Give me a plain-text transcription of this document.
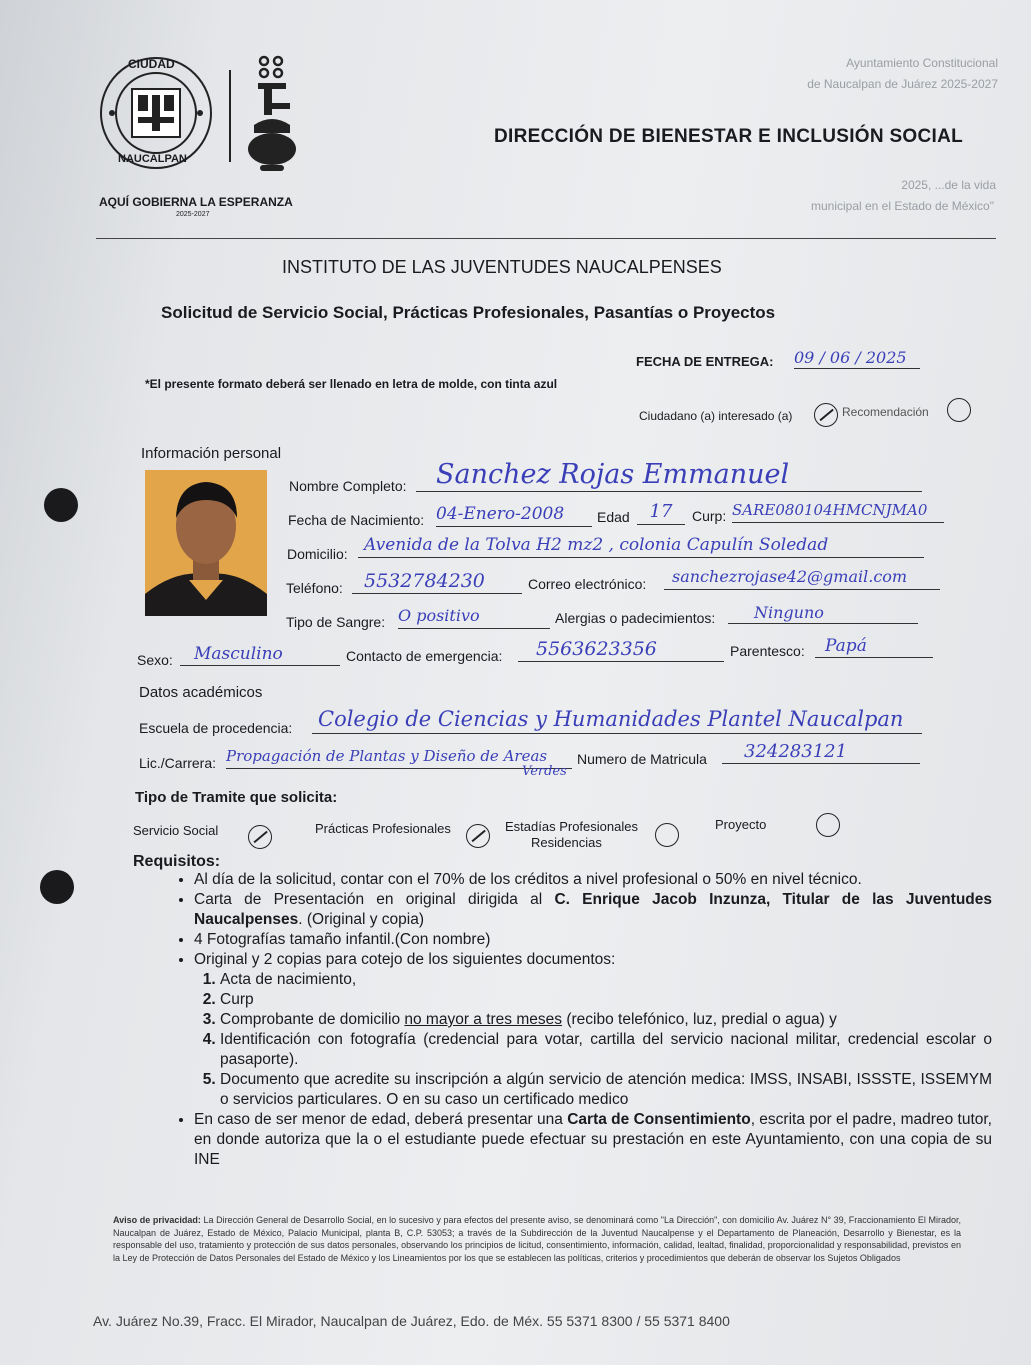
CIUDAD
NAUCALPAN
AQUÍ GOBIERNA LA ESPERANZA
2025-2027
Ayuntamiento Constitucional
de Naucalpan de Juárez 2025-2027
DIRECCIÓN DE BIENESTAR E INCLUSIÓN SOCIAL
2025, ...de la vida
municipal en el Estado de México"
INSTITUTO DE LAS JUVENTUDES NAUCALPENSES
Solicitud de Servicio Social, Prácticas Profesionales, Pasantías o Proyectos
FECHA DE ENTREGA: 09 / 06 / 2025
*El presente formato deberá ser llenado en letra de molde, con tinta azul
Ciudadano (a) interesado (a)	Recomendación
Información personal
Nombre Completo:	Sanchez Rojas Emmanuel
Fecha de Nacimiento: 04-Enero-2008	Edad	17	Curp: SARE080104HMCNJMA0
Domicilio: Avenida de la Tolva H2 mz2 , colonia Capulín Soledad
Teléfono:	5532784230	Correo electrónico:	sanchezrojase42@gmail.com
Tipo de Sangre: O positivo	Alergias o padecimientos:	Ninguno
Sexo:	Masculino	Contacto de emergencia:	5563623356	Parentesco:	Papá
Datos académicos
Escuela de procedencia: Colegio de Ciencias y Humanidades Plantel Naucalpan
Lic./Carrera: Propagación de Plantas y Diseño de Areas
Verdes
Numero de Matricula	324283121
Tipo de Tramite que solicita:
Servicio Social	Prácticas Profesionales	Estadías Profesionales
Residencias
Proyecto
Requisitos:
• Al día de la solicitud, contar con el 70% de los créditos a nivel profesional o 50% en nivel técnico.
• Carta de Presentación en original dirigida al C. Enrique Jacob Inzunza, Titular de las Juventudes Naucalpenses. (Original y copia)
• 4 Fotografías tamaño infantil.(Con nombre)
• Original y 2 copias para cotejo de los siguientes documentos:
1. Acta de nacimiento,
2. Curp
3. Comprobante de domicilio no mayor a tres meses (recibo telefónico, luz, predial o agua) y
4. Identificación con fotografía (credencial para votar, cartilla del servicio nacional militar, credencial escolar o pasaporte).
5. Documento que acredite su inscripción a algún servicio de atención medica: IMSS, INSABI, ISSSTE, ISSEMYM o servicios particulares. O en su caso un certificado medico
• En caso de ser menor de edad, deberá presentar una Carta de Consentimiento, escrita por el padre, madreo tutor, en donde autoriza que la o el estudiante puede efectuar su prestación en este Ayuntamiento, con una copia de su INE
Aviso de privacidad: La Dirección General de Desarrollo Social, en lo sucesivo y para efectos del presente aviso, se denominará como "La Dirección", con domicilio Av. Juárez N° 39, Fraccionamiento El Mirador, Naucalpan de Juárez, Estado de México, Palacio Municipal, planta B, C.P. 53053; a través de la Subdirección de la Juventud Naucalpense y el Departamento de Planeación, Desarrollo y Bienestar, es la responsable del uso, tratamiento y protección de sus datos personales, observando los principios de licitud, consentimiento, información, calidad, lealtad, finalidad, proporcionalidad y responsabilidad, previstos en la Ley de Protección de Datos Personales del Estado de México y los Lineamientos por los que se establecen las políticas, criterios y procedimientos que deberán de observar los Sujetos Obligados
Av. Juárez No.39, Fracc. El Mirador, Naucalpan de Juárez, Edo. de Méx. 55 5371 8300 / 55 5371 8400
